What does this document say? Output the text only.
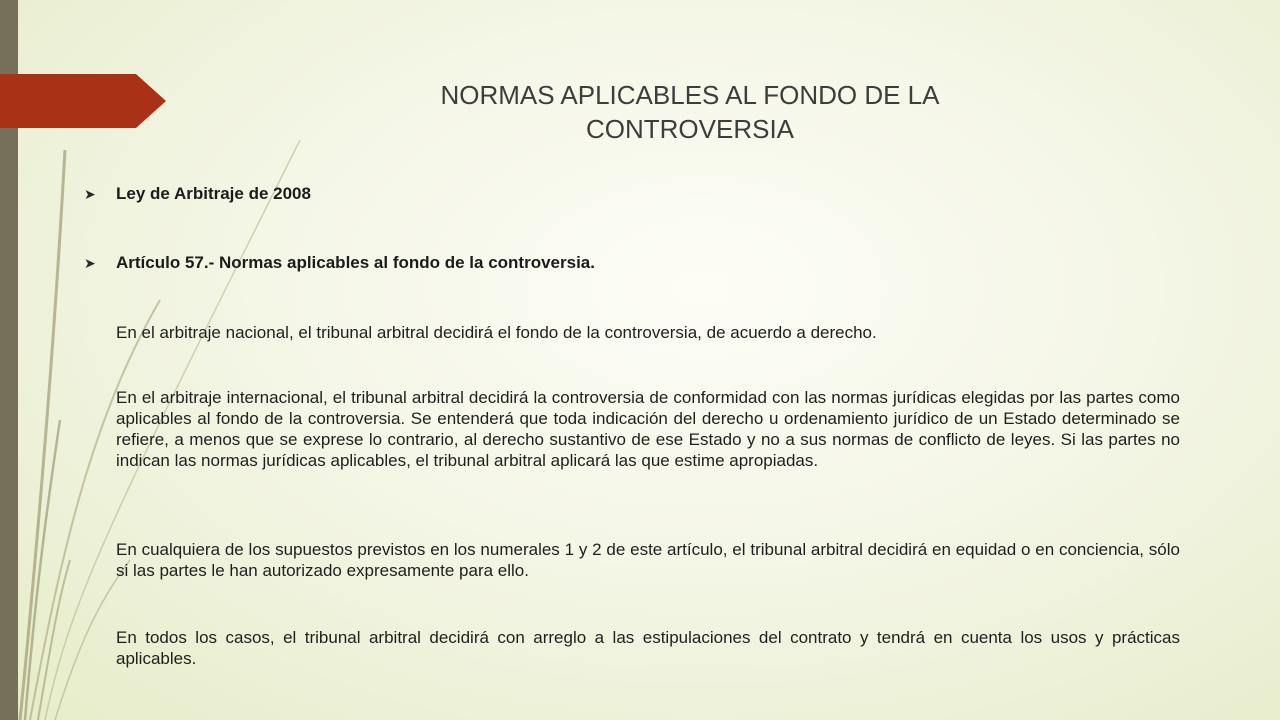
NORMAS APLICABLES AL FONDO DE LA CONTROVERSIA
➤	Ley de Arbitraje de 2008
➤	Artículo 57.- Normas aplicables al fondo de la controversia.

En el arbitraje nacional, el tribunal arbitral decidirá el fondo de la controversia, de acuerdo a derecho.

En el arbitraje internacional, el tribunal arbitral decidirá la controversia de conformidad con las normas jurídicas elegidas por las partes como aplicables al fondo de la controversia. Se entenderá que toda indicación del derecho u ordenamiento jurídico de un Estado determinado se refiere, a menos que se exprese lo contrario, al derecho sustantivo de ese Estado y no a sus normas de conflicto de leyes. Si las partes no indican las normas jurídicas aplicables, el tribunal arbitral aplicará las que estime apropiadas.

En cualquiera de los supuestos previstos en los numerales 1 y 2 de este artículo, el tribunal arbitral decidirá en equidad o en conciencia, sólo si las partes le han autorizado expresamente para ello.

En todos los casos, el tribunal arbitral decidirá con arreglo a las estipulaciones del contrato y tendrá en cuenta los usos y prácticas aplicables.
